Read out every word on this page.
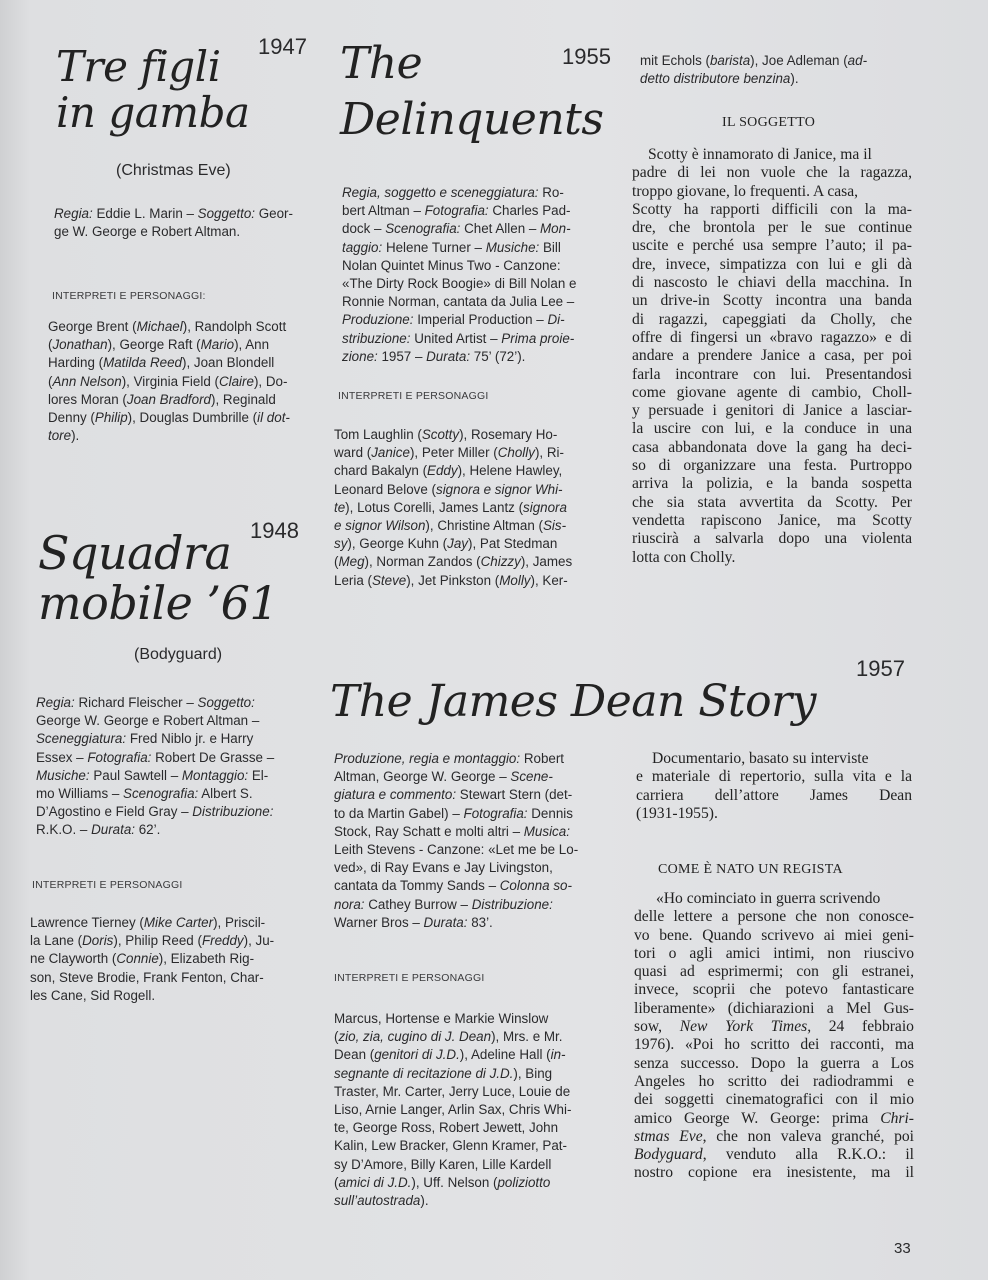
Tre figli
in gamba
1947
(Christmas Eve)
Regia: Eddie L. Marin – Soggetto: Geor-
ge W. George e Robert Altman.
INTERPRETI E PERSONAGGI:
George Brent (Michael), Randolph Scott
(Jonathan), George Raft (Mario), Ann
Harding (Matilda Reed), Joan Blondell
(Ann Nelson), Virginia Field (Claire), Do-
lores Moran (Joan Bradford), Reginald
Denny (Philip), Douglas Dumbrille (il dot-
tore).
Squadra
mobile ’61
1948
(Bodyguard)
Regia: Richard Fleischer – Soggetto:
George W. George e Robert Altman –
Sceneggiatura: Fred Niblo jr. e Harry
Essex – Fotografia: Robert De Grasse –
Musiche: Paul Sawtell – Montaggio: El-
mo Williams – Scenografia: Albert S.
D’Agostino e Field Gray – Distribuzione:
R.K.O. – Durata: 62’.
INTERPRETI E PERSONAGGI
Lawrence Tierney (Mike Carter), Priscil-
la Lane (Doris), Philip Reed (Freddy), Ju-
ne Clayworth (Connie), Elizabeth Rig-
son, Steve Brodie, Frank Fenton, Char-
les Cane, Sid Rogell.
The
Delinquents
1955
Regia, soggetto e sceneggiatura: Ro-
bert Altman – Fotografia: Charles Pad-
dock – Scenografia: Chet Allen – Mon-
taggio: Helene Turner – Musiche: Bill
Nolan Quintet Minus Two - Canzone:
«The Dirty Rock Boogie» di Bill Nolan e
Ronnie Norman, cantata da Julia Lee –
Produzione: Imperial Production – Di-
stribuzione: United Artist – Prima proie-
zione: 1957 – Durata: 75’ (72’).
INTERPRETI E PERSONAGGI
Tom Laughlin (Scotty), Rosemary Ho-
ward (Janice), Peter Miller (Cholly), Ri-
chard Bakalyn (Eddy), Helene Hawley,
Leonard Belove (signora e signor Whi-
te), Lotus Corelli, James Lantz (signora
e signor Wilson), Christine Altman (Sis-
sy), George Kuhn (Jay), Pat Stedman
(Meg), Norman Zandos (Chizzy), James
Leria (Steve), Jet Pinkston (Molly), Ker-
mit Echols (barista), Joe Adleman (ad-
detto distributore benzina).
IL SOGGETTO
Scotty è innamorato di Janice, ma il
padre di lei non vuole che la ragazza,
troppo giovane, lo frequenti. A casa,
Scotty ha rapporti difficili con la ma-
dre, che brontola per le sue continue
uscite e perché usa sempre l’auto; il pa-
dre, invece, simpatizza con lui e gli dà
di nascosto le chiavi della macchina. In
un drive-in Scotty incontra una banda
di ragazzi, capeggiati da Cholly, che
offre di fingersi un «bravo ragazzo» e di
andare a prendere Janice a casa, per poi
farla incontrare con lui. Presentandosi
come giovane agente di cambio, Choll-
y persuade i genitori di Janice a lasciar-
la uscire con lui, e la conduce in una
casa abbandonata dove la gang ha deci-
so di organizzare una festa. Purtroppo
arriva la polizia, e la banda sospetta
che sia stata avvertita da Scotty. Per
vendetta rapiscono Janice, ma Scotty
riuscirà a salvarla dopo una violenta
lotta con Cholly.
The James Dean Story
1957
Produzione, regia e montaggio: Robert
Altman, George W. George – Scene-
giatura e commento: Stewart Stern (det-
to da Martin Gabel) – Fotografia: Dennis
Stock, Ray Schatt e molti altri – Musica:
Leith Stevens - Canzone: «Let me be Lo-
ved», di Ray Evans e Jay Livingston,
cantata da Tommy Sands – Colonna so-
nora: Cathey Burrow – Distribuzione:
Warner Bros – Durata: 83’.
INTERPRETI E PERSONAGGI
Marcus, Hortense e Markie Winslow
(zio, zia, cugino di J. Dean), Mrs. e Mr.
Dean (genitori di J.D.), Adeline Hall (in-
segnante di recitazione di J.D.), Bing
Traster, Mr. Carter, Jerry Luce, Louie de
Liso, Arnie Langer, Arlin Sax, Chris Whi-
te, George Ross, Robert Jewett, John
Kalin, Lew Bracker, Glenn Kramer, Pat-
sy D’Amore, Billy Karen, Lille Kardell
(amici di J.D.), Uff. Nelson (poliziotto
sull’autostrada).
Documentario, basato su interviste
e materiale di repertorio, sulla vita e la
carriera dell’attore James Dean
(1931-1955).
COME È NATO UN REGISTA
«Ho cominciato in guerra scrivendo
delle lettere a persone che non conosce-
vo bene. Quando scrivevo ai miei geni-
tori o agli amici intimi, non riuscivo
quasi ad esprimermi; con gli estranei,
invece, scoprii che potevo fantasticare
liberamente» (dichiarazioni a Mel Gus-
sow, New York Times, 24 febbraio
1976). «Poi ho scritto dei racconti, ma
senza successo. Dopo la guerra a Los
Angeles ho scritto dei radiodrammi e
dei soggetti cinematografici con il mio
amico George W. George: prima Chri-
stmas Eve, che non valeva granché, poi
Bodyguard, venduto alla R.K.O.: il
nostro copione era inesistente, ma il
33
